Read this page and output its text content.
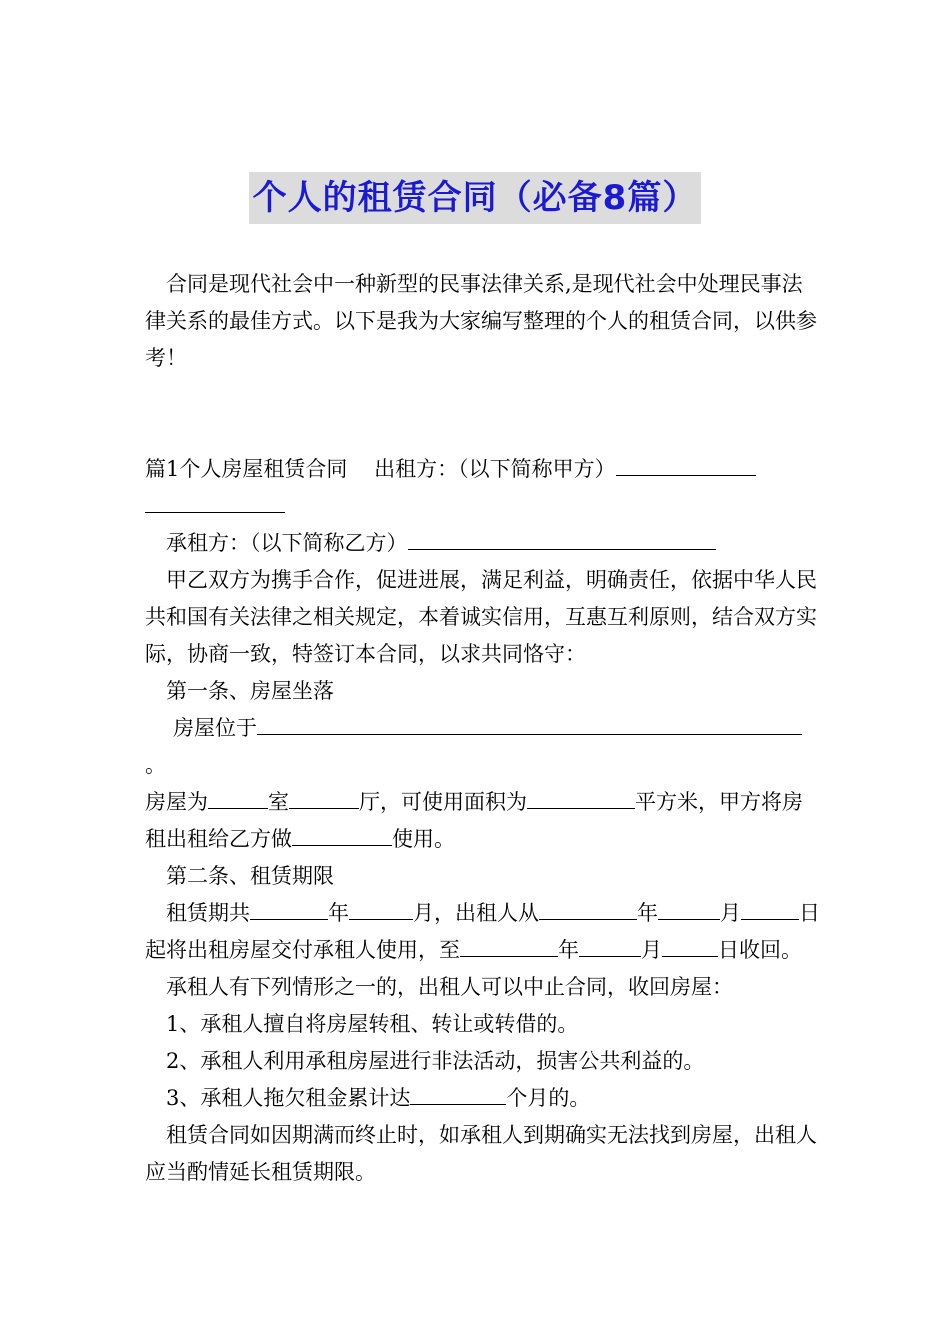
个人的租赁合同（必备8篇）

合同是现代社会中一种新型的民事法律关系,是现代社会中处理民事法律关系的最佳方式。以下是我为大家编写整理的个人的租赁合同，以供参考！

篇1个人房屋租赁合同 出租方：（以下简称甲方）

承租方：（以下简称乙方）

甲乙双方为携手合作，促进进展，满足利益，明确责任，依据中华人民共和国有关法律之相关规定，本着诚实信用，互惠互利原则，结合双方实际，协商一致，特签订本合同，以求共同恪守：

第一条、房屋坐落

房屋位于。

房屋为	室	厅，可使用面积为	平方米，甲方将房租出租给乙方做	使用。

第二条、租赁期限

租赁期共	年	月，出租人从	年	月	日起将出租房屋交付承租人使用，至	年	月	日收回。

承租人有下列情形之一的，出租人可以中止合同，收回房屋：

1、承租人擅自将房屋转租、转让或转借的。

2、承租人利用承租房屋进行非法活动，损害公共利益的。

3、承租人拖欠租金累计达	个月的。

租赁合同如因期满而终止时，如承租人到期确实无法找到房屋，出租人应当酌情延长租赁期限。
